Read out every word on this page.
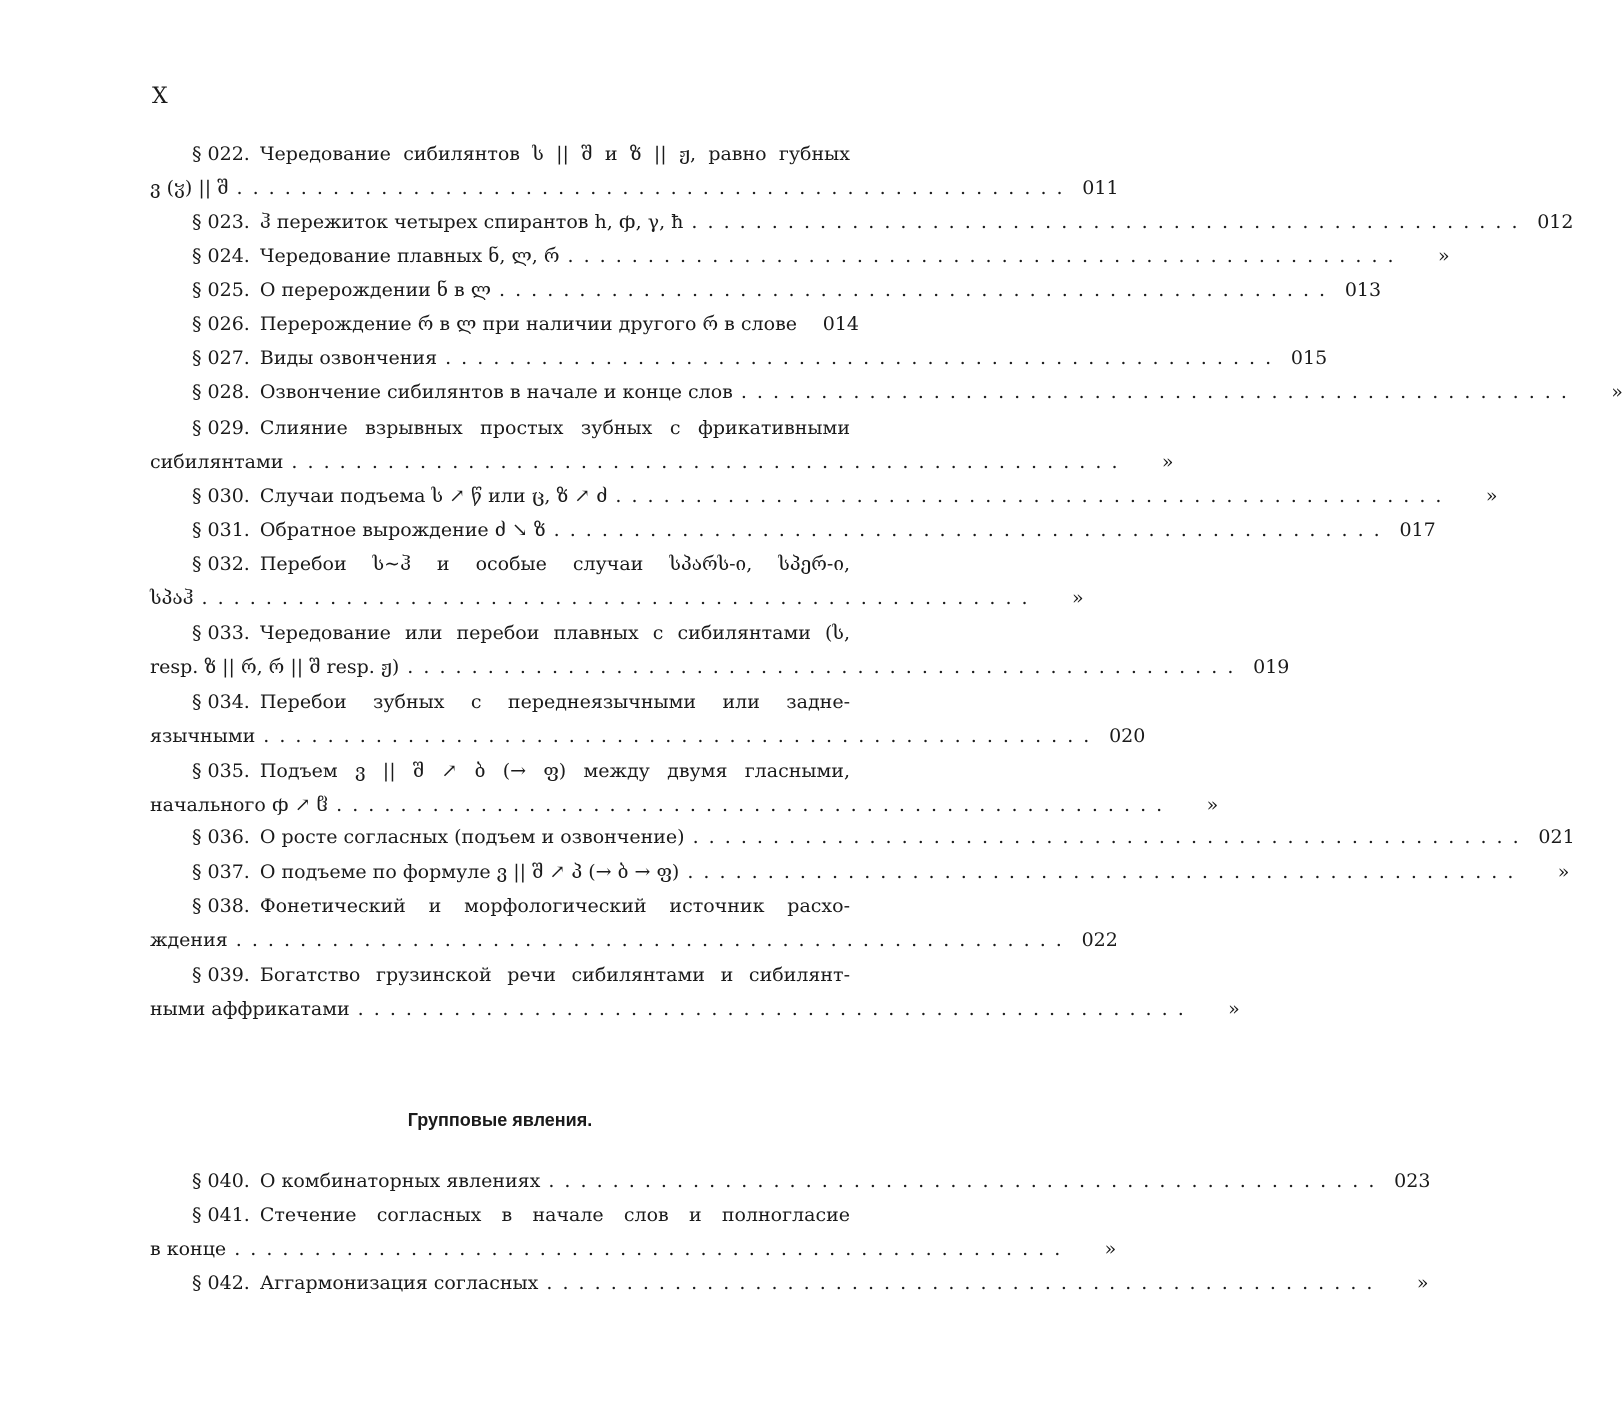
X
§ 022. Чередование сибилянтов ს || შ и ზ || ჟ, равно губных
ვ (ჳ) || შ . . . . . . . . . . . . . . . . . . . . . . . . . . . . . . . . . . . . . . . . . . . . . . . . . . . . 011
§ 023. ჰ пережиток четырех спирантов h, ჶ, γ, ħ . . . . . . . . . . . . . . . . . . . . . . . . . . . . . . . . . . . . . . . . . . . . . . . . . . . . 012
§ 024. Чередование плавных ნ, ლ, რ . . . . . . . . . . . . . . . . . . . . . . . . . . . . . . . . . . . . . . . . . . . . . . . . . . . .	»
§ 025. О перерождении ნ в ლ . . . . . . . . . . . . . . . . . . . . . . . . . . . . . . . . . . . . . . . . . . . . . . . . . . . . 013
§ 026. Перерождение რ в ლ при наличии другого რ в слове	014
§ 027. Виды озвончения . . . . . . . . . . . . . . . . . . . . . . . . . . . . . . . . . . . . . . . . . . . . . . . . . . . . 015
§ 028. Озвончение сибилянтов в начале и конце слов . . . . . . . . . . . . . . . . . . . . . . . . . . . . . . . . . . . . . . . . . . . . . . . . . . . .	»
§ 029. Слияние взрывных простых зубных с фрикативными
сибилянтами . . . . . . . . . . . . . . . . . . . . . . . . . . . . . . . . . . . . . . . . . . . . . . . . . . . .	»
§ 030. Случаи подъема ს ↗ წ или ც, ზ ↗ ძ . . . . . . . . . . . . . . . . . . . . . . . . . . . . . . . . . . . . . . . . . . . . . . . . . . . .	»
§ 031. Обратное вырождение ძ ↘ ზ . . . . . . . . . . . . . . . . . . . . . . . . . . . . . . . . . . . . . . . . . . . . . . . . . . . . 017
§ 032. Перебои ს∼ჰ и особые случаи სპარს-ი, სპერ-ი,
სპაჰ . . . . . . . . . . . . . . . . . . . . . . . . . . . . . . . . . . . . . . . . . . . . . . . . . . . .	»
§ 033. Чередование или перебои плавных с сибилянтами (ს,
resp. ზ || რ, რ || შ resp. ჟ) . . . . . . . . . . . . . . . . . . . . . . . . . . . . . . . . . . . . . . . . . . . . . . . . . . . . 019
§ 034. Перебои зубных с переднеязычными или задне-
язычными . . . . . . . . . . . . . . . . . . . . . . . . . . . . . . . . . . . . . . . . . . . . . . . . . . . . 020
§ 035. Подъем ვ || შ ↗ ბ (→ ფ) между двумя гласными,
начального ჶ ↗ ჱ . . . . . . . . . . . . . . . . . . . . . . . . . . . . . . . . . . . . . . . . . . . . . . . . . . . .	»
§ 036. О росте согласных (подъем и озвончение) . . . . . . . . . . . . . . . . . . . . . . . . . . . . . . . . . . . . . . . . . . . . . . . . . . . . 021
§ 037. О подъеме по формуле ვ || შ ↗ პ (→ ბ → ფ) . . . . . . . . . . . . . . . . . . . . . . . . . . . . . . . . . . . . . . . . . . . . . . . . . . . .	»
§ 038. Фонетический и морфологический источник расхо-
ждения . . . . . . . . . . . . . . . . . . . . . . . . . . . . . . . . . . . . . . . . . . . . . . . . . . . . 022
§ 039. Богатство грузинской речи сибилянтами и сибилянт-
ными аффрикатами . . . . . . . . . . . . . . . . . . . . . . . . . . . . . . . . . . . . . . . . . . . . . . . . . . . .	»
Групповые явления.
§ 040. О комбинаторных явлениях . . . . . . . . . . . . . . . . . . . . . . . . . . . . . . . . . . . . . . . . . . . . . . . . . . . . 023
§ 041. Стечение согласных в начале слов и полногласие
в конце . . . . . . . . . . . . . . . . . . . . . . . . . . . . . . . . . . . . . . . . . . . . . . . . . . . .	»
§ 042. Аггармонизация согласных . . . . . . . . . . . . . . . . . . . . . . . . . . . . . . . . . . . . . . . . . . . . . . . . . . . .	»
